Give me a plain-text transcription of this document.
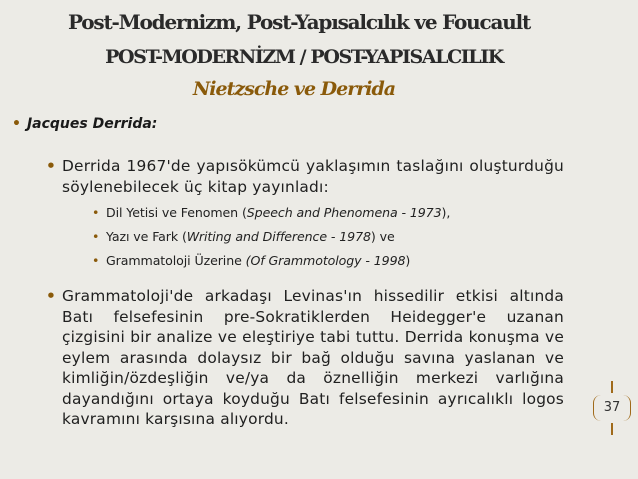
Post-Modernizm, Post-Yapısalcılık ve Foucault
POST-MODERNİZM / POST-YAPISALCILIK
Nietzsche ve Derrida
• Jacques Derrida:
• Derrida 1967'de yapısökümcü yaklaşımın taslağını oluşturduğu söylenebilecek üç kitap yayınladı:
• Dil Yetisi ve Fenomen (Speech and Phenomena - 1973),
• Yazı ve Fark (Writing and Difference - 1978) ve
• Grammatoloji Üzerine (Of Grammotology - 1998)
• Grammatoloji'de arkadaşı Levinas'ın hissedilir etkisi altında Batı felsefesinin pre-Sokratiklerden Heidegger'e uzanan çizgisini bir analize ve eleştiriye tabi tuttu. Derrida konuşma ve eylem arasında dolaysız bir bağ olduğu savına yaslanan ve kimliğin/özdeşliğin ve/ya da öznelliğin merkezi varlığına dayandığını ortaya koyduğu Batı felsefesinin ayrıcalıklı logos kavramını karşısına alıyordu.
37
